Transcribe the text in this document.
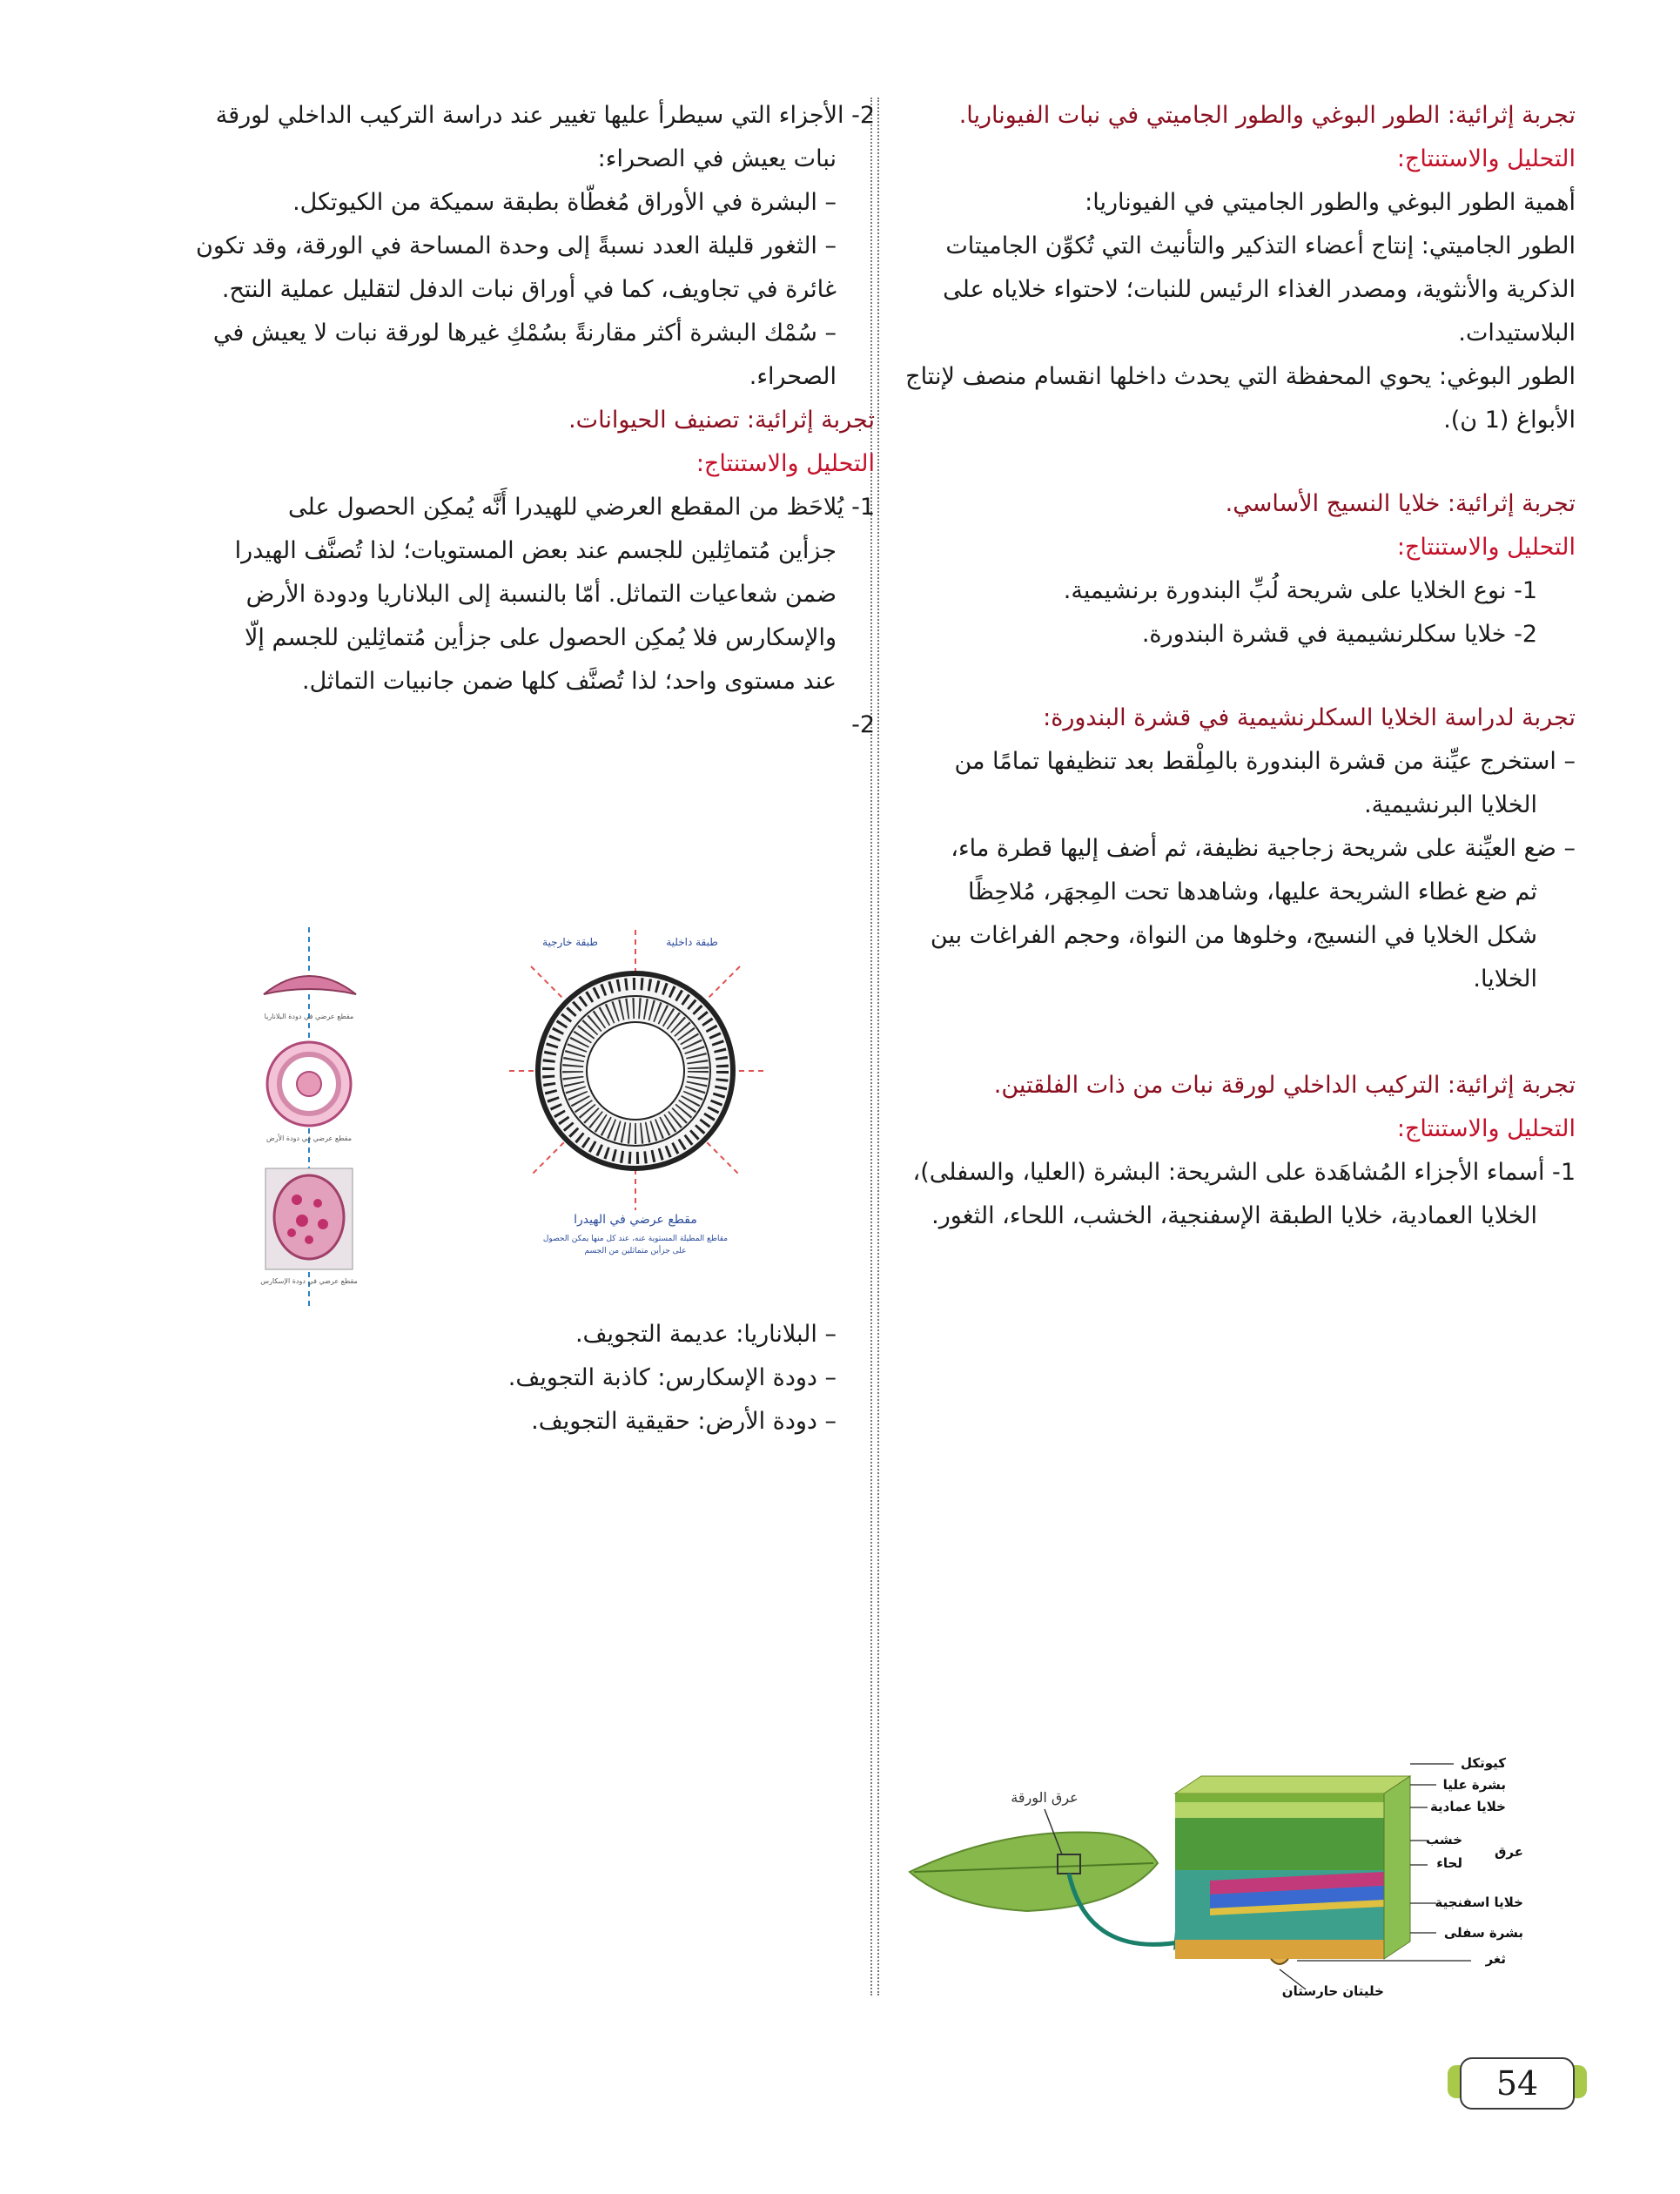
تجربة إثرائية: الطور البوغي والطور الجاميتي في نبات الفيوناريا.
التحليل والاستنتاج:
أهمية الطور البوغي والطور الجاميتي في الفيوناريا:
الطور الجاميتي: إنتاج أعضاء التذكير والتأنيث التي تُكوِّن الجاميتات
الذكرية والأنثوية، ومصدر الغذاء الرئيس للنبات؛ لاحتواء خلاياه على
البلاستيدات.
الطور البوغي: يحوي المحفظة التي يحدث داخلها انقسام منصف لإنتاج
الأبواغ (1 ن).
تجربة إثرائية: خلايا النسيج الأساسي.
التحليل والاستنتاج:
1- نوع الخلايا على شريحة لُبِّ البندورة برنشيمية.
2- خلايا سكلرنشيمية في قشرة البندورة.
تجربة لدراسة الخلايا السكلرنشيمية في قشرة البندورة:
– استخرج عيِّنة من قشرة البندورة بالمِلْقط بعد تنظيفها تمامًا من
الخلايا البرنشيمية.
– ضع العيِّنة على شريحة زجاجية نظيفة، ثم أضف إليها قطرة ماء،
ثم ضع غطاء الشريحة عليها، وشاهدها تحت المِجهَر، مُلاحِظًا
شكل الخلايا في النسيج، وخلوها من النواة، وحجم الفراغات بين
الخلايا.
تجربة إثرائية: التركيب الداخلي لورقة نبات من ذات الفلقتين.
التحليل والاستنتاج:
1- أسماء الأجزاء المُشاهَدة على الشريحة: البشرة (العليا، والسفلى)،
الخلايا العمادية، خلايا الطبقة الإسفنجية، الخشب، اللحاء، الثغور.
2- الأجزاء التي سيطرأ عليها تغيير عند دراسة التركيب الداخلي لورقة
نبات يعيش في الصحراء:
– البشرة في الأوراق مُغطّاة بطبقة سميكة من الكيوتكل.
– الثغور قليلة العدد نسبةً إلى وحدة المساحة في الورقة، وقد تكون
غائرة في تجاويف، كما في أوراق نبات الدفل لتقليل عملية النتح.
– سُمْك البشرة أكثر مقارنةً بسُمْكِ غيرها لورقة نبات لا يعيش في
الصحراء.
تجربة إثرائية: تصنيف الحيوانات.
التحليل والاستنتاج:
1- يُلاحَظ من المقطع العرضي للهيدرا أَنَّه يُمكِن الحصول على
جزأين مُتماثِلين للجسم عند بعض المستويات؛ لذا تُصنَّف الهيدرا
ضمن شعاعيات التماثل. أمّا بالنسبة إلى البلاناريا ودودة الأرض
والإسكارس فلا يُمكِن الحصول على جزأين مُتماثِلين للجسم إلّا
عند مستوى واحد؛ لذا تُصنَّف كلها ضمن جانبيات التماثل.
2-
طبقة خارجية	طبقة داخلية
مقطع عرضي في الهيدرا
مقاطع المطيلة المستوية عنه، عند كل منها يمكن الحصول
على جزأين متماثلين من الجسم
مقطع عرضي في دودة البلاناريا
مقطع عرضي في دودة الأرض
مقطع عرضي في دودة الإسكارس
– البلاناريا: عديمة التجويف.
– دودة الإسكارس: كاذبة التجويف.
– دودة الأرض: حقيقية التجويف.
عرق الورقة
كيوتكل
بشرة عليا
خلايا عمادية
خشب
عرق
لحاء
خلايا اسفنجية
بشرة سفلى
ثغر
خليتان حارستان
54
